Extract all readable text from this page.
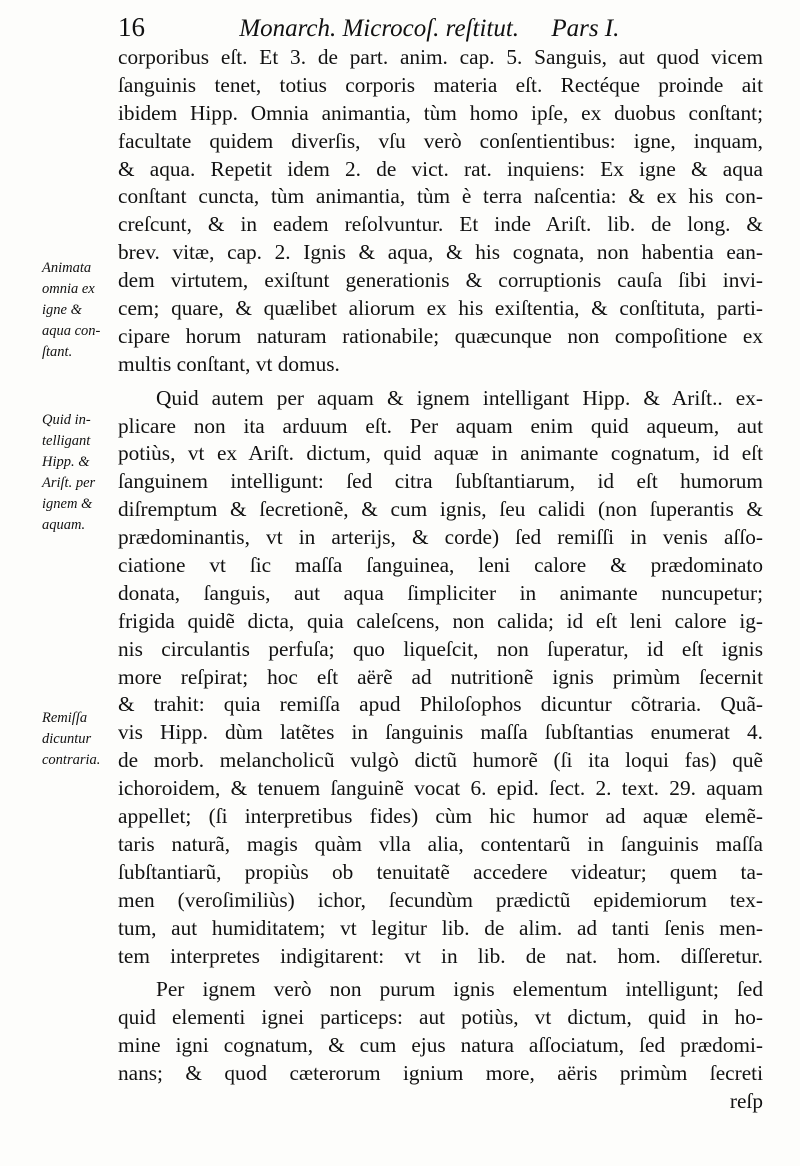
16	Monarch. Microcoſ. reſtitut. Pars I.
corporibus eſt. Et 3. de part. anim. cap. 5. Sanguis, aut quod vicem
ſanguinis tenet, totius corporis materia eſt. Rectéque proinde ait
ibidem Hipp. Omnia animantia, tùm homo ipſe, ex duobus conſtant;
facultate quidem diverſis, vſu verò conſentientibus: igne, inquam,
& aqua. Repetit idem 2. de vict. rat. inquiens: Ex igne & aqua
conſtant cuncta, tùm animantia, tùm è terra naſcentia: & ex his con-
creſcunt, & in eadem reſolvuntur. Et inde Ariſt. lib. de long. &
brev. vitæ, cap. 2. Ignis & aqua, & his cognata, non habentia ean-
dem virtutem, exiſtunt generationis & corruptionis cauſa ſibi invi-
cem; quare, & quælibet aliorum ex his exiſtentia, & conſtituta, parti-
cipare horum naturam rationabile; quæcunque non compoſitione ex
multis conſtant, vt domus.
Quid autem per aquam & ignem intelligant Hipp. & Ariſt.. ex-
plicare non ita arduum eſt. Per aquam enim quid aqueum, aut
potiùs, vt ex Ariſt. dictum, quid aquæ in animante cognatum, id eſt
ſanguinem intelligunt: ſed citra ſubſtantiarum, id eſt humorum
diſremptum & ſecretionẽ, & cum ignis, ſeu calidi (non ſuperantis &
prædominantis, vt in arterijs, & corde) ſed remiſſi in venis aſſo-
ciatione vt ſic maſſa ſanguinea, leni calore & prædominato
donata, ſanguis, aut aqua ſimpliciter in animante nuncupetur;
frigida quidẽ dicta, quia caleſcens, non calida; id eſt leni calore ig-
nis circulantis perfuſa; quo liqueſcit, non ſuperatur, id eſt ignis
more reſpirat; hoc eſt aërẽ ad nutritionẽ ignis primùm ſecernit
& trahit: quia remiſſa apud Philoſophos dicuntur cõtraria. Quã-
vis Hipp. dùm latẽtes in ſanguinis maſſa ſubſtantias enumerat 4.
de morb. melancholicũ vulgò dictũ humorẽ (ſi ita loqui fas) quẽ
ichoroidem, & tenuem ſanguinẽ vocat 6. epid. ſect. 2. text. 29. aquam
appellet; (ſi interpretibus fides) cùm hic humor ad aquæ elemẽ-
taris naturã, magis quàm vlla alia, contentarũ in ſanguinis maſſa
ſubſtantiarũ, propiùs ob tenuitatẽ accedere videatur; quem ta-
men (veroſimiliùs) ichor, ſecundùm prædictũ epidemiorum tex-
tum, aut humiditatem; vt legitur lib. de alim. ad tanti ſenis men-
tem interpretes indigitarent: vt in lib. de nat. hom. diſſeretur.
Per ignem verò non purum ignis elementum intelligunt; ſed
quid elementi ignei particeps: aut potiùs, vt dictum, quid in ho-
mine igni cognatum, & cum ejus natura aſſociatum, ſed prædomi-
nans; & quod cæterorum ignium more, aëris primùm ſecreti
reſp
Animata
omnia ex
igne &
aqua con-
ſtant.
Quid in-
telligant
Hipp. &
Ariſt. per
ignem &
aquam.
Remiſſa
dicuntur
contraria.
